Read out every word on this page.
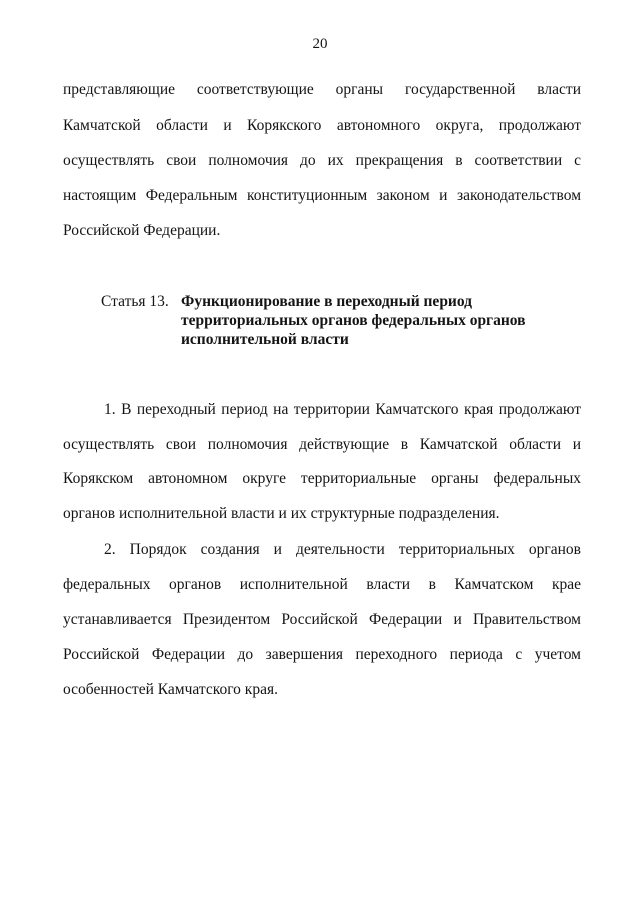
20
представляющие соответствующие органы государственной власти
Камчатской области и Корякского автономного округа, продолжают
осуществлять свои полномочия до их прекращения в соответствии с
настоящим Федеральным конституционным законом и законодательством
Российской Федерации.
Статья 13. Функционирование в переходный период
территориальных органов федеральных органов
исполнительной власти
1. В переходный период на территории Камчатского края продолжают
осуществлять свои полномочия действующие в Камчатской области и
Корякском автономном округе территориальные органы федеральных
органов исполнительной власти и их структурные подразделения.
2. Порядок создания и деятельности территориальных органов
федеральных органов исполнительной власти в Камчатском крае
устанавливается Президентом Российской Федерации и Правительством
Российской Федерации до завершения переходного периода с учетом
особенностей Камчатского края.
